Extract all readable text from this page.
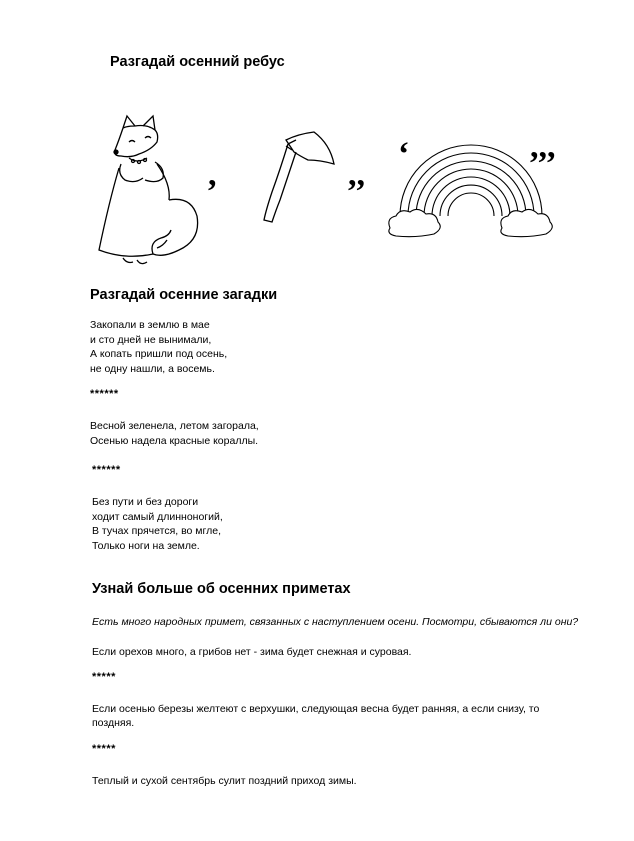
Разгадай осенний ребус
,	,,
‘	,,,
Разгадай осенние загадки
Закопали в землю в мае
и сто дней не вынимали,
А копать пришли под осень,
не одну нашли, а восемь.
******
Весной зеленела, летом загорала,
Осенью надела красные кораллы.
******
Без пути и без дороги
ходит самый длинноногий,
В тучах прячется, во мгле,
Только ноги на земле.
Узнай больше об осенних приметах
Есть много народных примет, связанных с наступлением осени. Посмотри, сбываются ли они?
Если орехов много, а грибов нет - зима будет снежная и суровая.
*****
Если осенью березы желтеют с верхушки, следующая весна будет ранняя, а если снизу, то
поздняя.
*****
Теплый и сухой сентябрь сулит поздний приход зимы.
